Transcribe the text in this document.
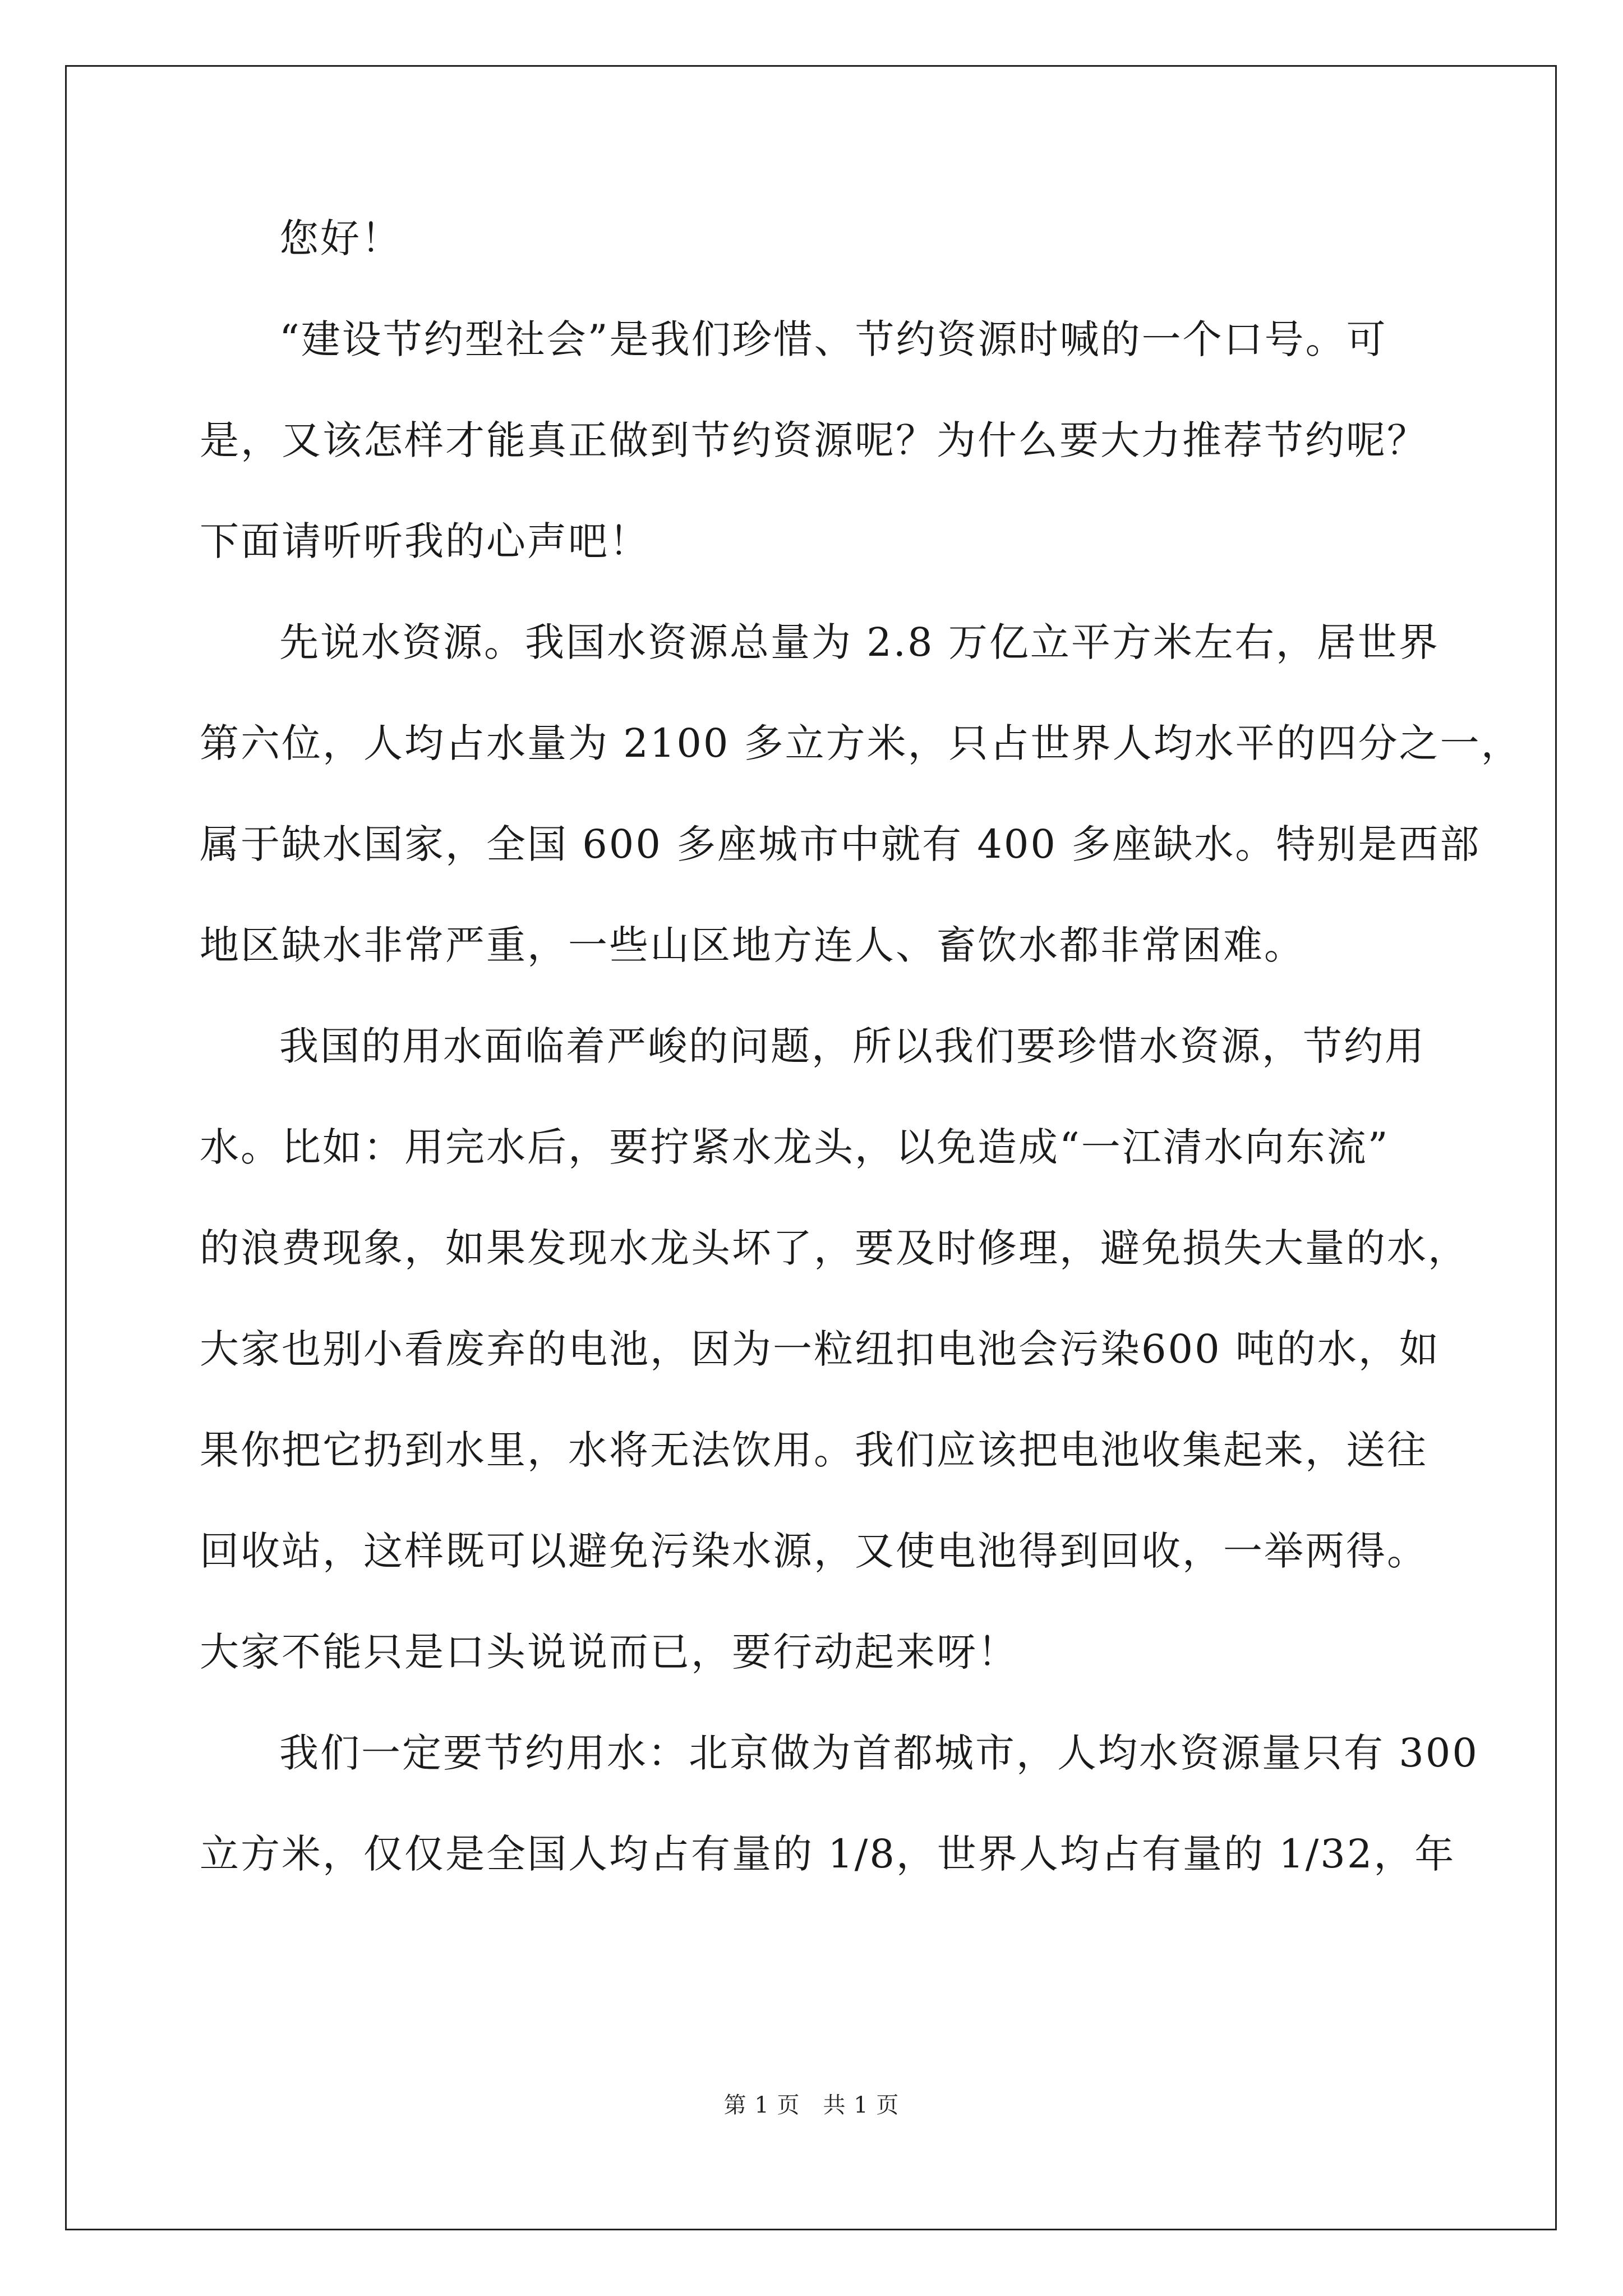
您好！
“建设节约型社会”是我们珍惜、节约资源时喊的一个口号。可
是，又该怎样才能真正做到节约资源呢？为什么要大力推荐节约呢？
下面请听听我的心声吧！
先说水资源。我国水资源总量为 2.8 万亿立平方米左右，居世界
第六位，人均占水量为 2100 多立方米，只占世界人均水平的四分之一，
属于缺水国家，全国 600 多座城市中就有 400 多座缺水。特别是西部
地区缺水非常严重，一些山区地方连人、畜饮水都非常困难。
我国的用水面临着严峻的问题，所以我们要珍惜水资源，节约用
水。比如：用完水后，要拧紧水龙头，以免造成“一江清水向东流”
的浪费现象，如果发现水龙头坏了，要及时修理，避免损失大量的水，
大家也别小看废弃的电池，因为一粒纽扣电池会污染600 吨的水，如
果你把它扔到水里，水将无法饮用。我们应该把电池收集起来，送往
回收站，这样既可以避免污染水源，又使电池得到回收，一举两得。
大家不能只是口头说说而已，要行动起来呀！
我们一定要节约用水：北京做为首都城市，人均水资源量只有 300
立方米，仅仅是全国人均占有量的 1/8，世界人均占有量的 1/32，年
第 1 页　共 1 页
